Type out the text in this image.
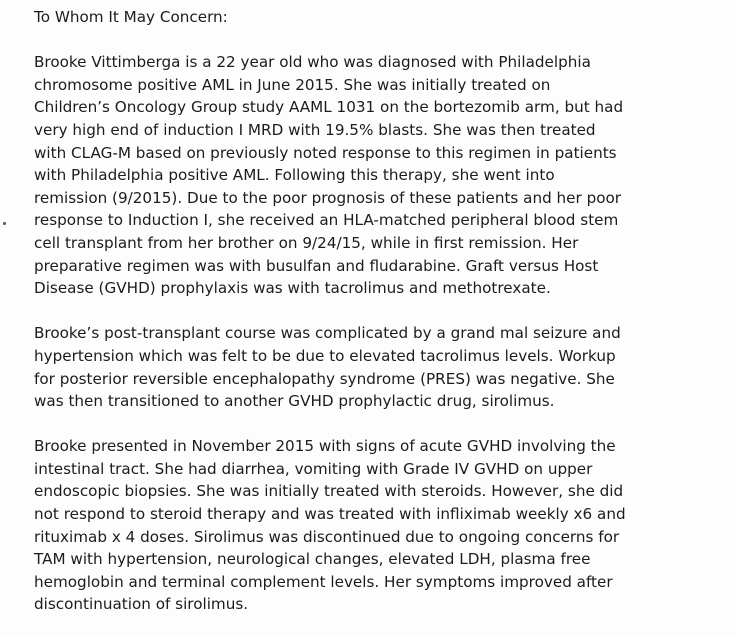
To Whom It May Concern:
Brooke Vittimberga is a 22 year old who was diagnosed with Philadelphia
chromosome positive AML in June 2015. She was initially treated on
Children’s Oncology Group study AAML 1031 on the bortezomib arm, but had
very high end of induction I MRD with 19.5% blasts. She was then treated
with CLAG-M based on previously noted response to this regimen in patients
with Philadelphia positive AML. Following this therapy, she went into
remission (9/2015). Due to the poor prognosis of these patients and her poor
response to Induction I, she received an HLA-matched peripheral blood stem
cell transplant from her brother on 9/24/15, while in first remission. Her
preparative regimen was with busulfan and fludarabine. Graft versus Host
Disease (GVHD) prophylaxis was with tacrolimus and methotrexate.
Brooke’s post-transplant course was complicated by a grand mal seizure and
hypertension which was felt to be due to elevated tacrolimus levels. Workup
for posterior reversible encephalopathy syndrome (PRES) was negative. She
was then transitioned to another GVHD prophylactic drug, sirolimus.
Brooke presented in November 2015 with signs of acute GVHD involving the
intestinal tract. She had diarrhea, vomiting with Grade IV GVHD on upper
endoscopic biopsies. She was initially treated with steroids. However, she did
not respond to steroid therapy and was treated with infliximab weekly x6 and
rituximab x 4 doses. Sirolimus was discontinued due to ongoing concerns for
TAM with hypertension, neurological changes, elevated LDH, plasma free
hemoglobin and terminal complement levels. Her symptoms improved after
discontinuation of sirolimus.
